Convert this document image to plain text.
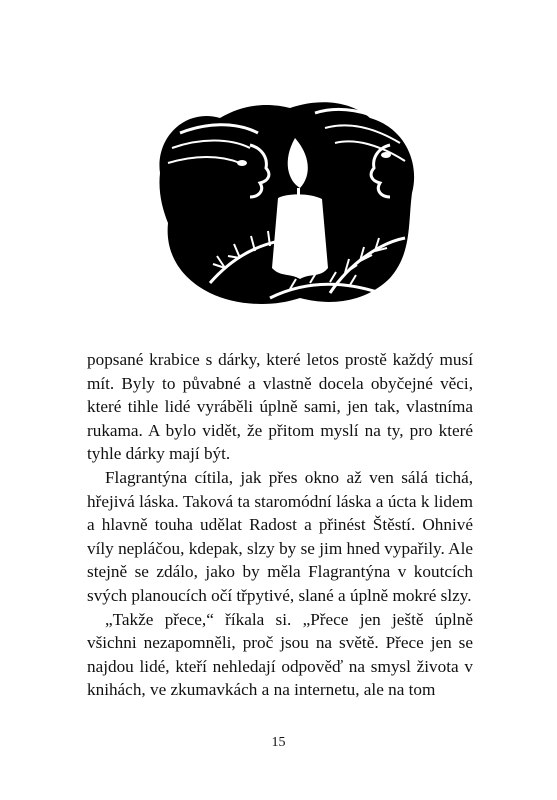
popsané krabice s dárky, které letos prostě každý musí mít. Byly to půvabné a vlastně docela obyčejné věci, které tihle lidé vyráběli úplně sami, jen tak, vlastníma rukama. A bylo vidět, že přitom myslí na ty, pro které tyhle dárky mají být.

Flagrantýna cítila, jak přes okno až ven sálá tichá, hřejivá láska. Taková ta staromódní láska a úcta k lidem a hlavně touha udělat Radost a přinést Štěstí. Ohnivé víly nepláčou, kdepak, slzy by se jim hned vypařily. Ale stejně se zdálo, jako by měla Flagrantýna v koutcích svých planoucích očí třpytivé, slané a úplně mokré slzy.

„Takže přece,“ říkala si. „Přece jen ještě úplně všichni nezapomněli, proč jsou na světě. Přece jen se najdou lidé, kteří nehledají odpověď na smysl života v knihách, ve zkumavkách a na internetu, ale na tom

15
